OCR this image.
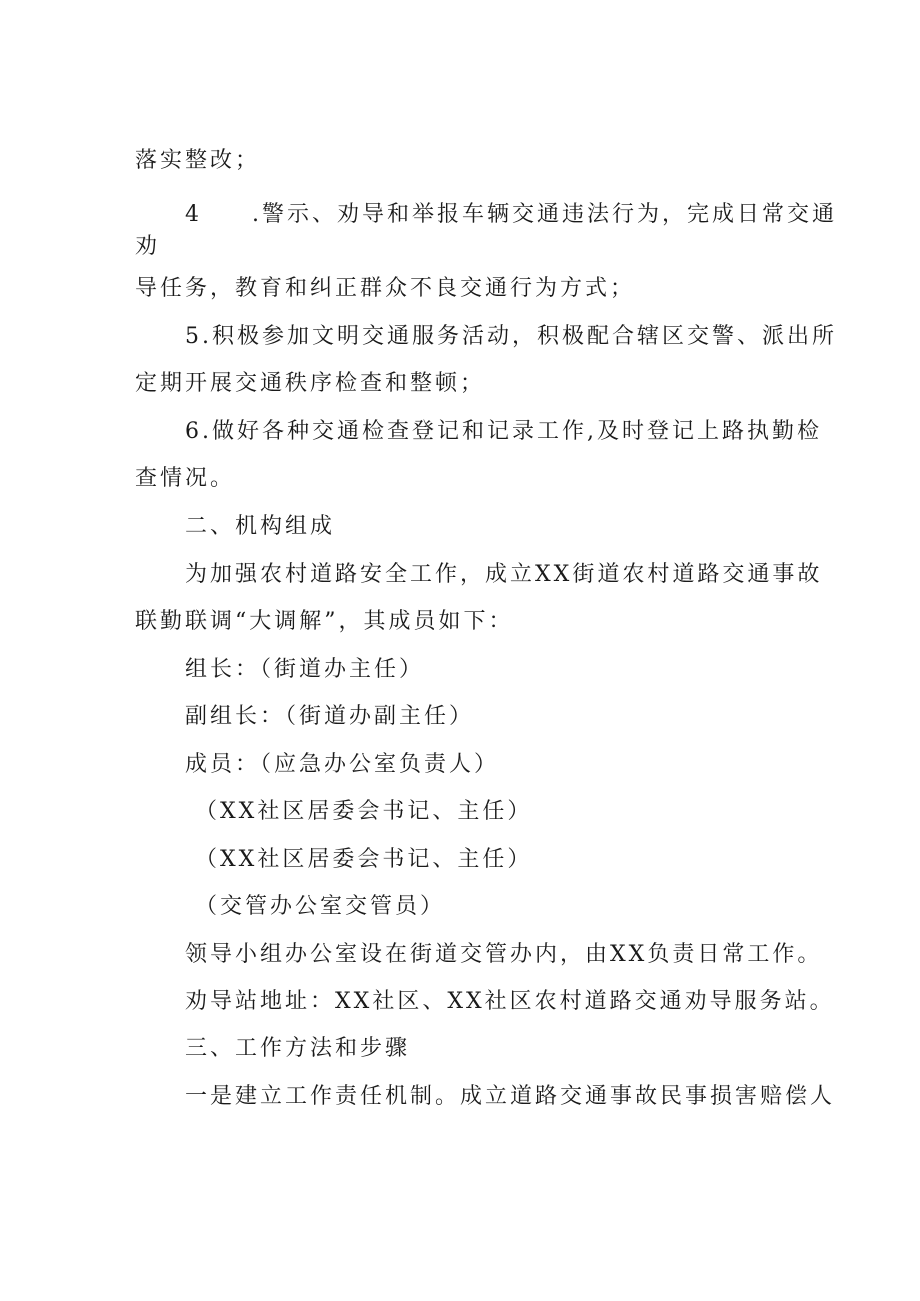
落实整改；
4　　.警示、劝导和举报车辆交通违法行为，完成日常交通
劝
导任务，教育和纠正群众不良交通行为方式；
5.积极参加文明交通服务活动，积极配合辖区交警、派出所
定期开展交通秩序检查和整顿；
6.做好各种交通检查登记和记录工作,及时登记上路执勤检
查情况。
二、机构组成
为加强农村道路安全工作，成立XX街道农村道路交通事故
联勤联调“大调解”，其成员如下：
组长：（街道办主任）
副组长：（街道办副主任）
成员：（应急办公室负责人）
（XX社区居委会书记、主任）
（XX社区居委会书记、主任）
（交管办公室交管员）
领导小组办公室设在街道交管办内，由XX负责日常工作。
劝导站地址：XX社区、XX社区农村道路交通劝导服务站。
三、工作方法和步骤
一是建立工作责任机制。成立道路交通事故民事损害赔偿人
